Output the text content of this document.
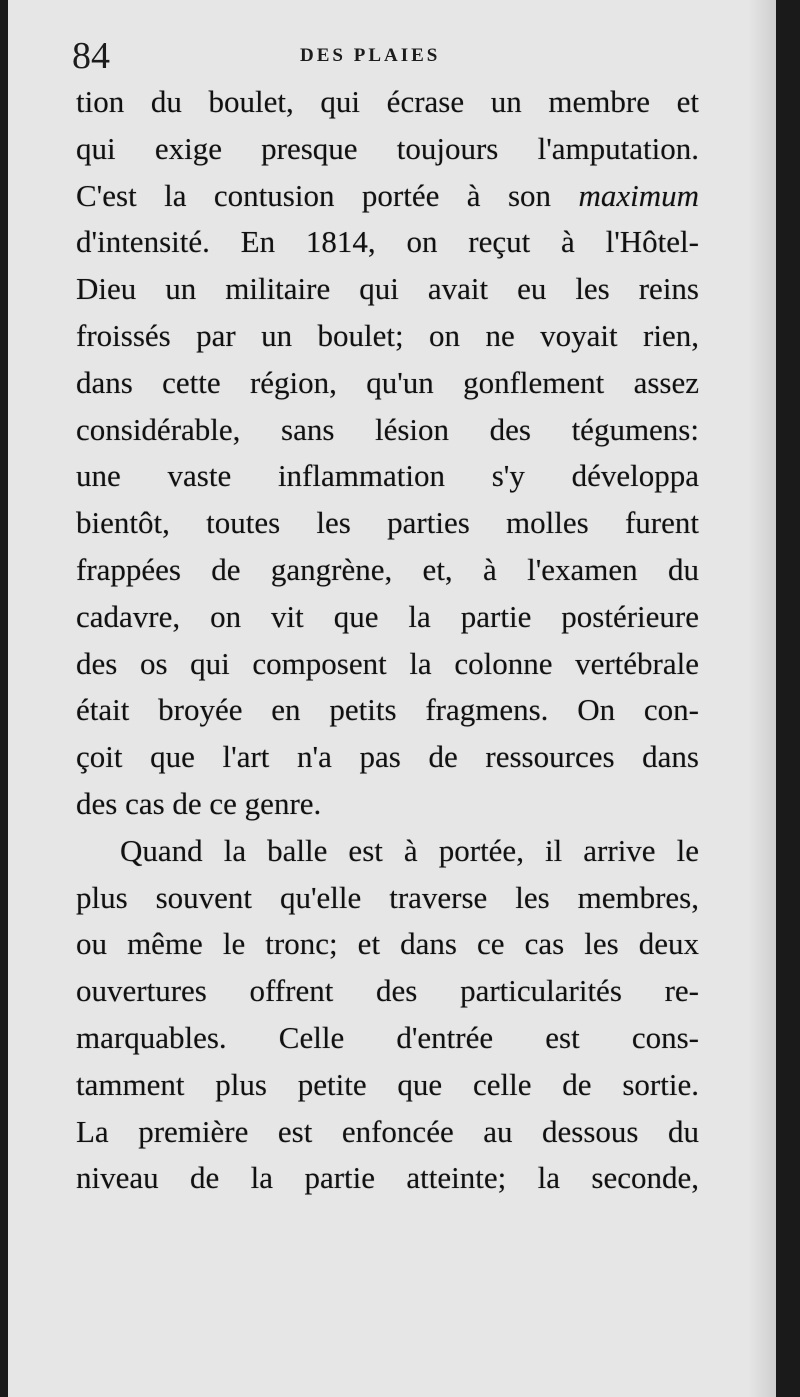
84	DES PLAIES
tion du boulet, qui écrase un membre et
qui exige presque toujours l'amputation.
C'est la contusion portée à son maximum
d'intensité. En 1814, on reçut à l'Hôtel-
Dieu un militaire qui avait eu les reins
froissés par un boulet; on ne voyait rien,
dans cette région, qu'un gonflement assez
considérable, sans lésion des tégumens:
une vaste inflammation s'y développa
bientôt, toutes les parties molles furent
frappées de gangrène, et, à l'examen du
cadavre, on vit que la partie postérieure
des os qui composent la colonne vertébrale
était broyée en petits fragmens. On con-
çoit que l'art n'a pas de ressources dans
des cas de ce genre.
Quand la balle est à portée, il arrive le
plus souvent qu'elle traverse les membres,
ou même le tronc; et dans ce cas les deux
ouvertures offrent des particularités re-
marquables. Celle d'entrée est cons-
tamment plus petite que celle de sortie.
La première est enfoncée au dessous du
niveau de la partie atteinte; la seconde,
